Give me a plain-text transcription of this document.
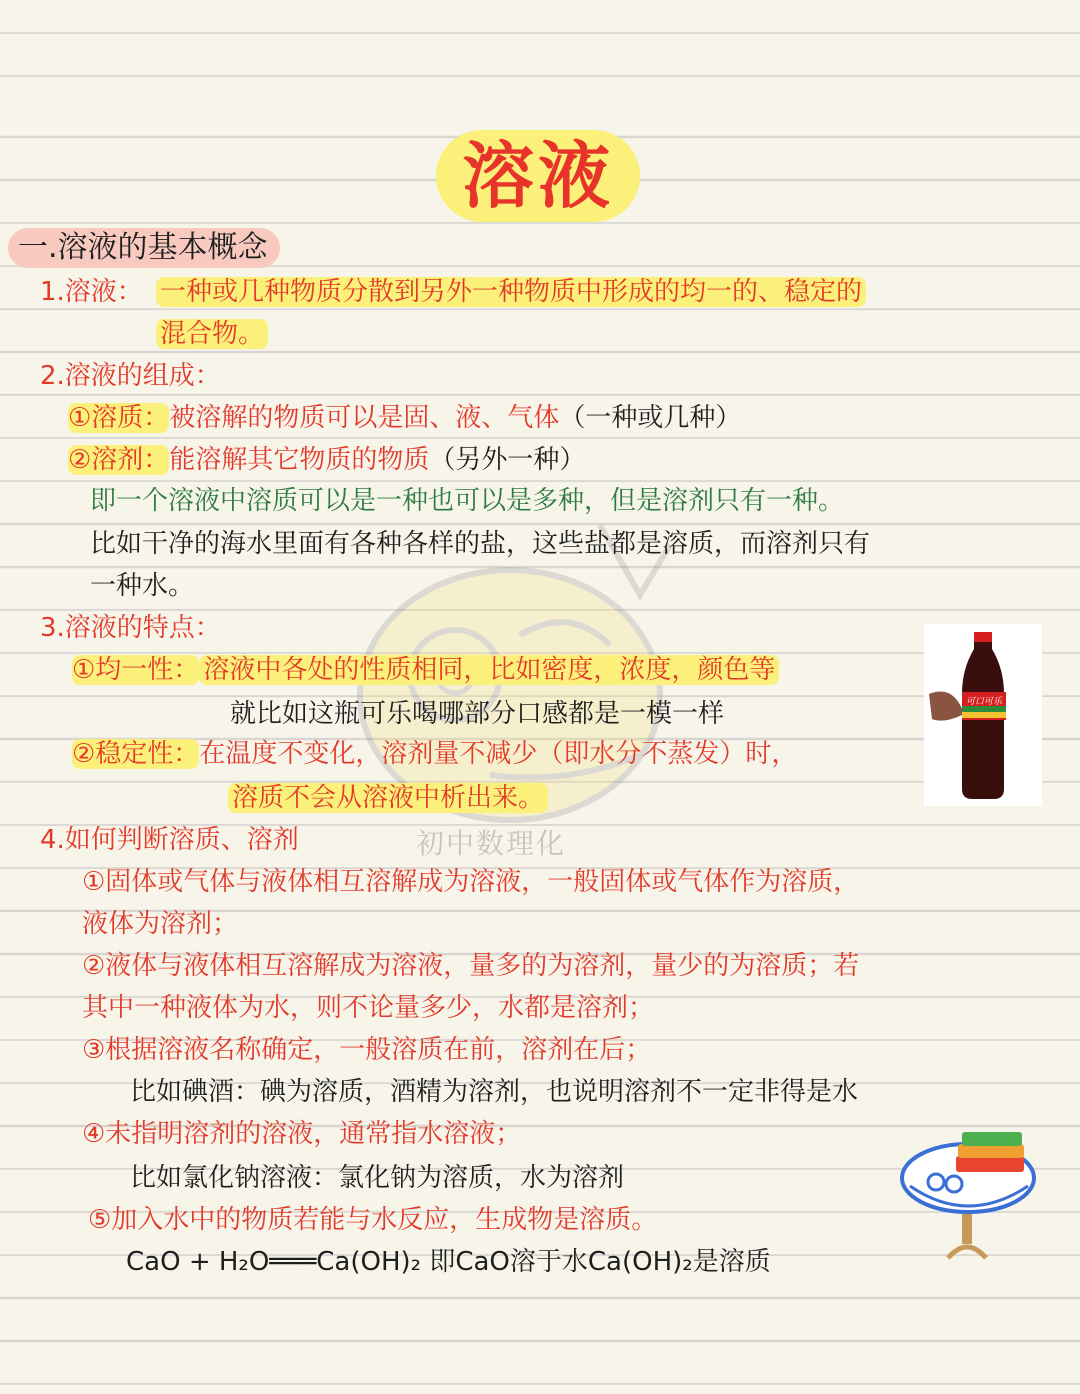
溶液
一.溶液的基本概念
初中数理化
1.溶液： 一种或几种物质分散到另外一种物质中形成的均一的、稳定的
混合物。
2.溶液的组成：
①溶质：被溶解的物质可以是固、液、气体（一种或几种）
②溶剂：能溶解其它物质的物质（另外一种）
即一个溶液中溶质可以是一种也可以是多种，但是溶剂只有一种。
比如干净的海水里面有各种各样的盐，这些盐都是溶质，而溶剂只有
一种水。
3.溶液的特点：
①均一性： 溶液中各处的性质相同，比如密度，浓度，颜色等
就比如这瓶可乐喝哪部分口感都是一模一样
②稳定性：在温度不变化，溶剂量不减少（即水分不蒸发）时，
溶质不会从溶液中析出来。
可口可乐
4.如何判断溶质、溶剂
①固体或气体与液体相互溶解成为溶液，一般固体或气体作为溶质，
液体为溶剂；
②液体与液体相互溶解成为溶液，量多的为溶剂，量少的为溶质；若
其中一种液体为水，则不论量多少，水都是溶剂；
③根据溶液名称确定，一般溶质在前，溶剂在后；
比如碘酒：碘为溶质，酒精为溶剂，也说明溶剂不一定非得是水
④未指明溶剂的溶液，通常指水溶液；
比如氯化钠溶液：氯化钠为溶质，水为溶剂
⑤加入水中的物质若能与水反应，生成物是溶质。
CaO + H₂O═══Ca(OH)₂ 即CaO溶于水Ca(OH)₂是溶质
